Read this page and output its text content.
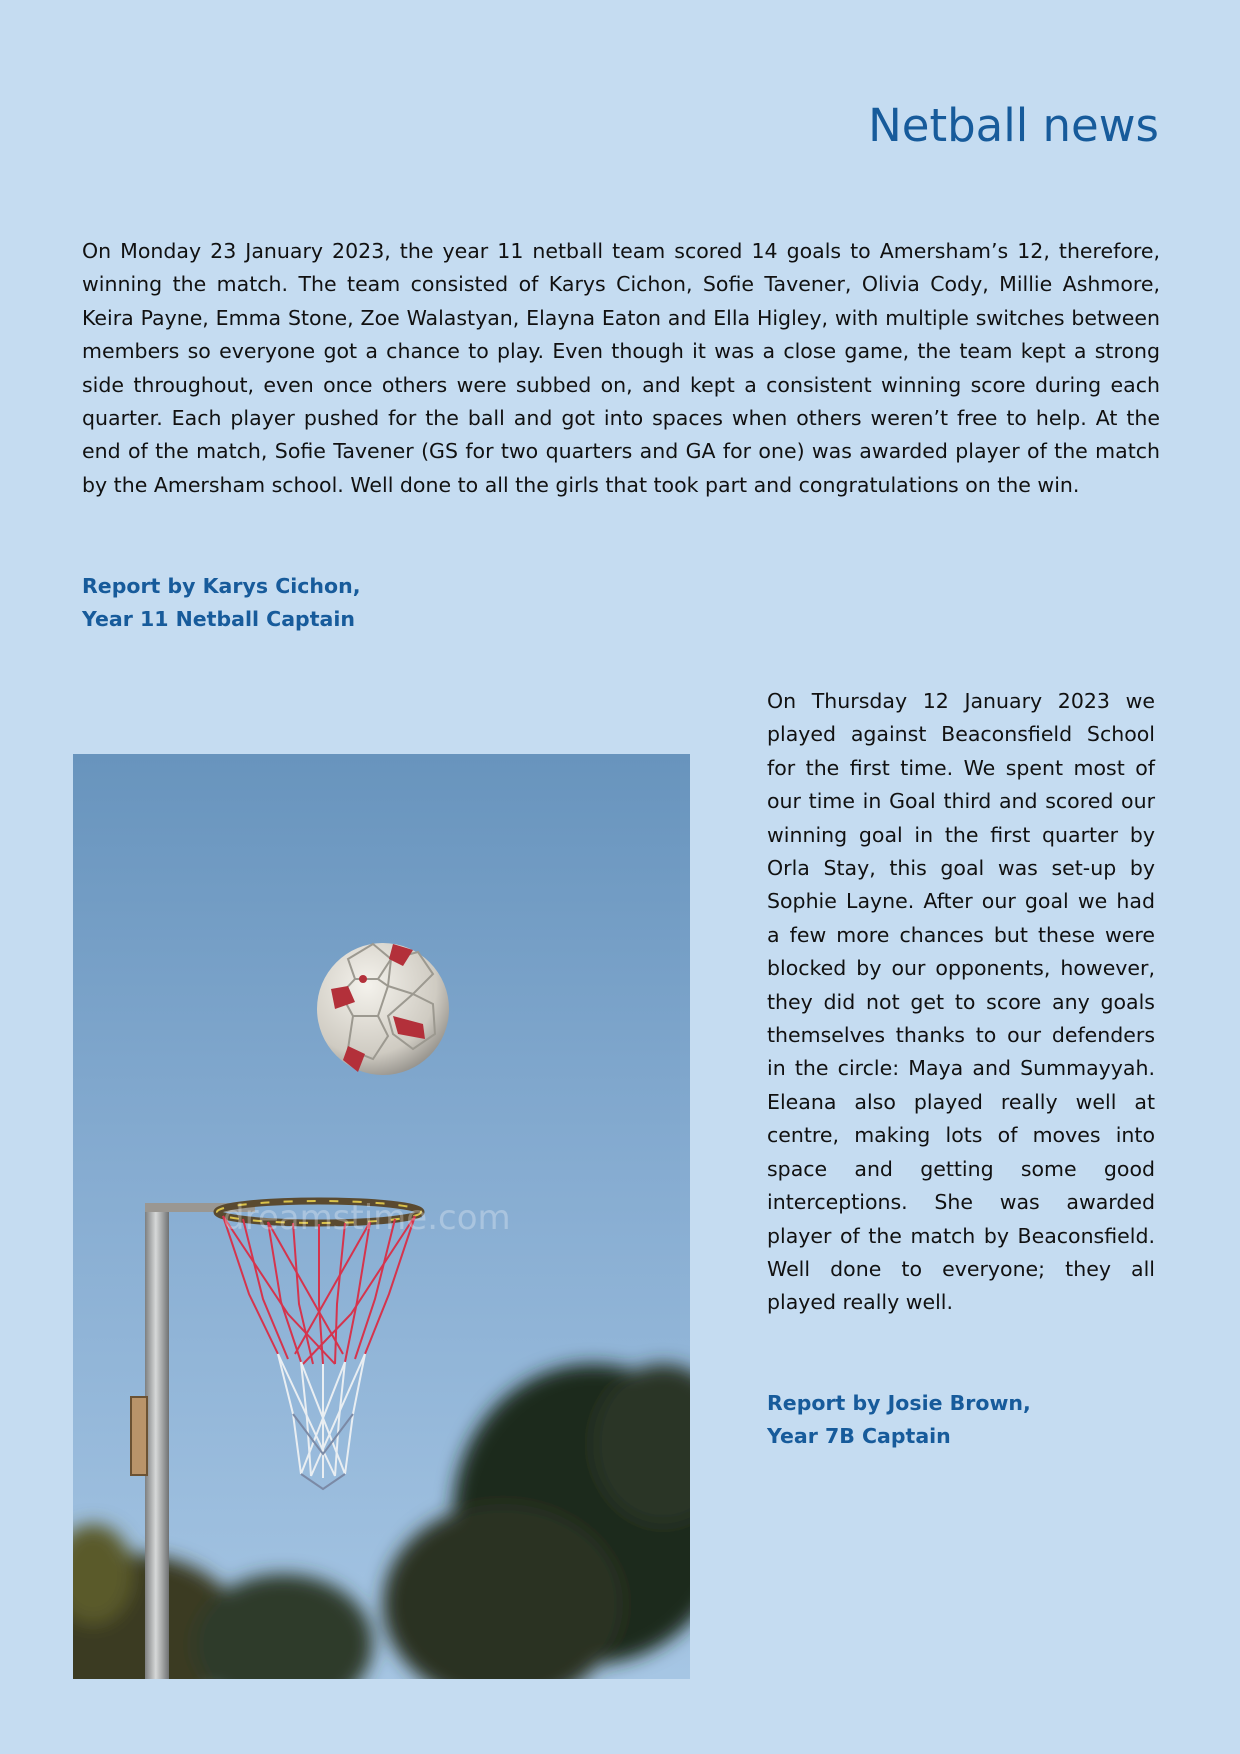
Netball news

On Monday 23 January 2023, the year 11 netball team scored 14 goals to Amersham’s 12, therefore, winning the match. The team consisted of Karys Cichon, Sofie Tavener, Olivia Cody, Millie Ashmore, Keira Payne, Emma Stone, Zoe Walastyan, Elayna Eaton and Ella Higley, with multiple switches between members so everyone got a chance to play. Even though it was a close game, the team kept a strong side throughout, even once others were subbed on, and kept a consistent winning score during each quarter. Each player pushed for the ball and got into spaces when others weren’t free to help. At the end of the match, Sofie Tavener (GS for two quarters and GA for one) was awarded player of the match by the Amersham school. Well done to all the girls that took part and congratulations on the win.

Report by Karys Cichon,
Year 11 Netball Captain
dreamstime.com

On Thursday 12 January 2023 we played against Beaconsfield School for the first time. We spent most of our time in Goal third and scored our winning goal in the first quarter by Orla Stay, this goal was set-up by Sophie Layne. After our goal we had a few more chances but these were blocked by our opponents, however, they did not get to score any goals themselves thanks to our defenders in the circle: Maya and Summayyah. Eleana also played really well at centre, making lots of moves into space and getting some good interceptions. She was awarded player of the match by Beaconsfield. Well done to everyone; they all played really well.

Report by Josie Brown,
Year 7B Captain
